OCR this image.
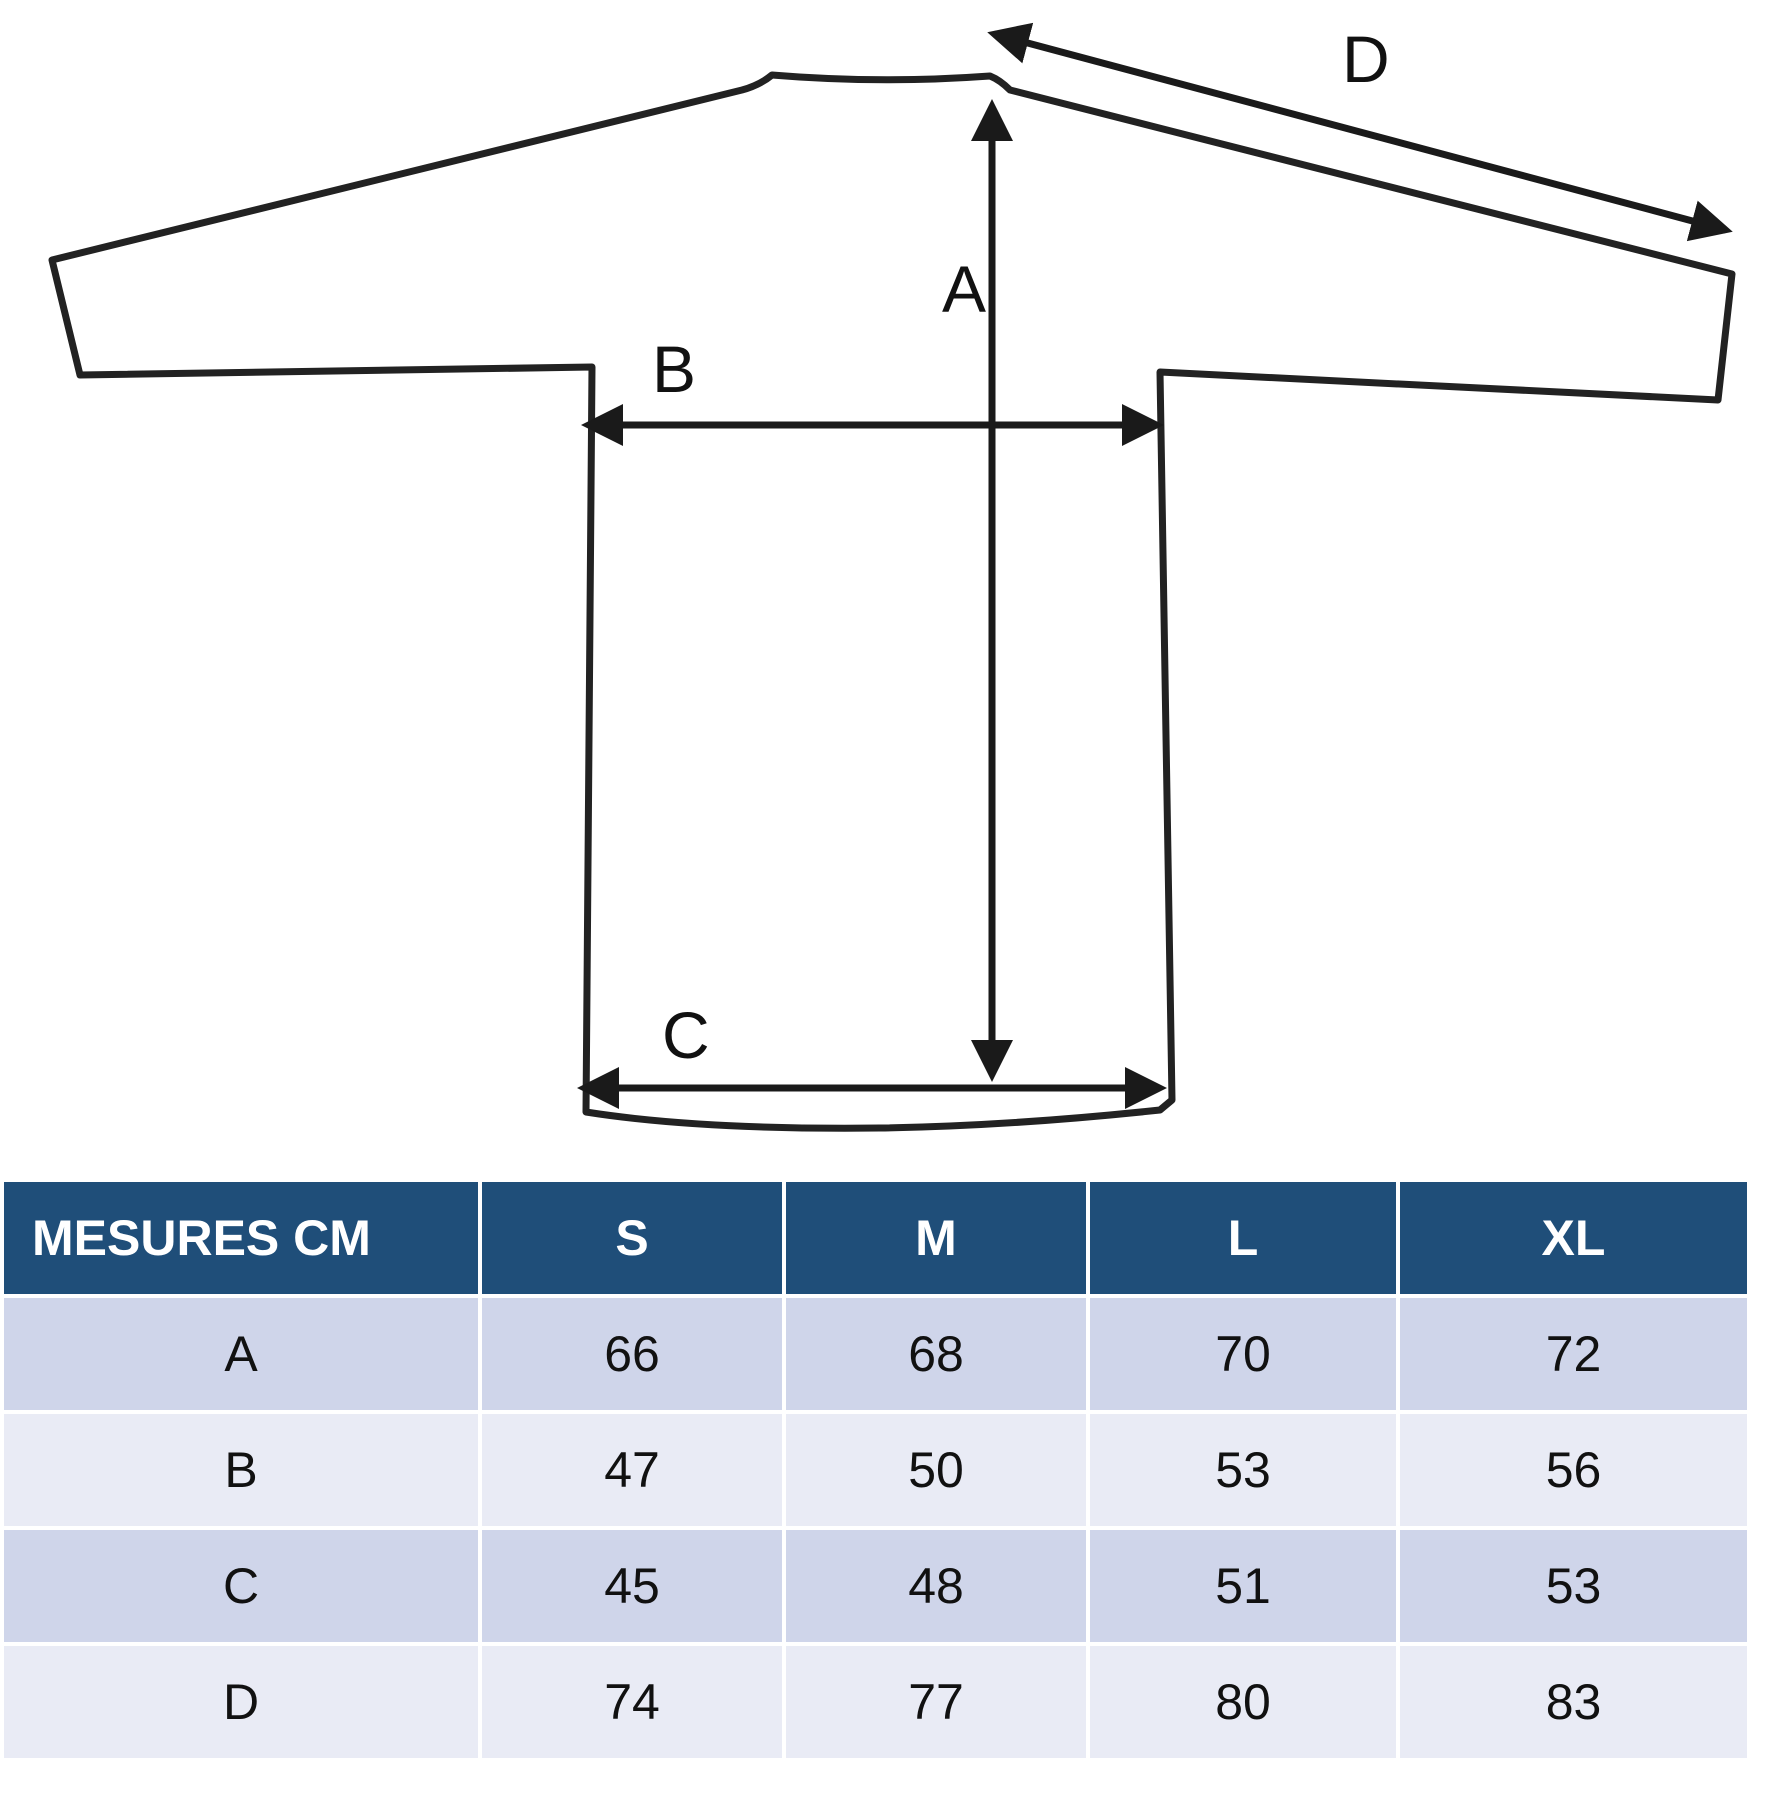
A
B
C
D
MESURES CM	S	M	L	XL
A	66	68	70	72
B	47	50	53	56
C	45	48	51	53
D	74	77	80	83
